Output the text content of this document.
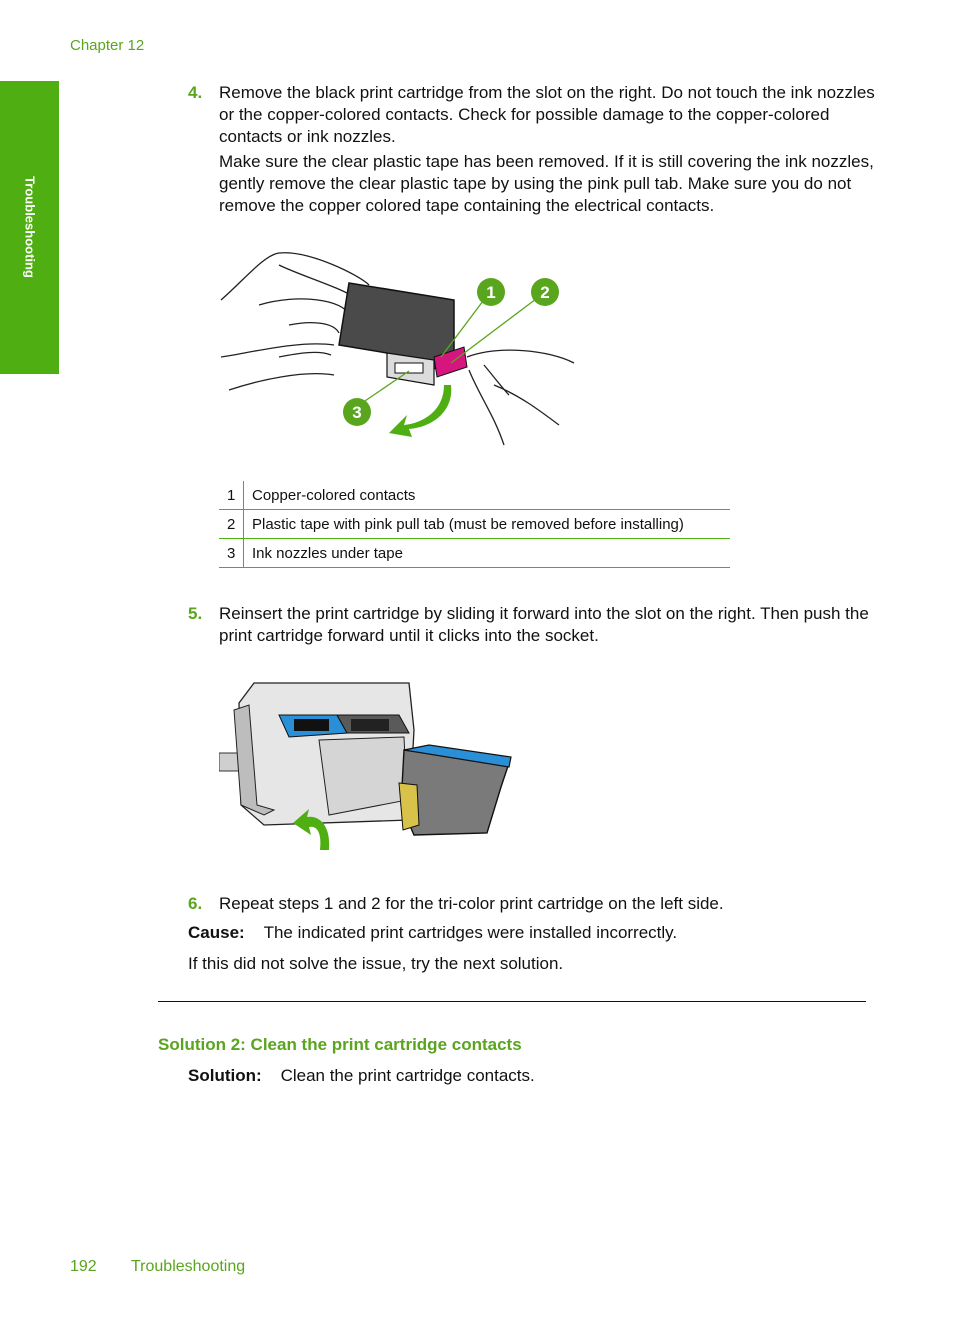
Chapter 12
Troubleshooting
4. Remove the black print cartridge from the slot on the right. Do not touch the ink nozzles or the copper-colored contacts. Check for possible damage to the copper-colored contacts or ink nozzles.

Make sure the clear plastic tape has been removed. If it is still covering the ink nozzles, gently remove the clear plastic tape by using the pink pull tab. Make sure you do not remove the copper colored tape containing the electrical contacts.

1	2
3
1	Copper-colored contacts
2	Plastic tape with pink pull tab (must be removed before installing)
3	Ink nozzles under tape
5. Reinsert the print cartridge by sliding it forward into the slot on the right. Then push the print cartridge forward until it clicks into the socket.

6. Repeat steps 1 and 2 for the tri-color print cartridge on the left side.

Cause: The indicated print cartridges were installed incorrectly.
If this did not solve the issue, try the next solution.
Solution 2: Clean the print cartridge contacts
Solution: Clean the print cartridge contacts.
192 Troubleshooting
